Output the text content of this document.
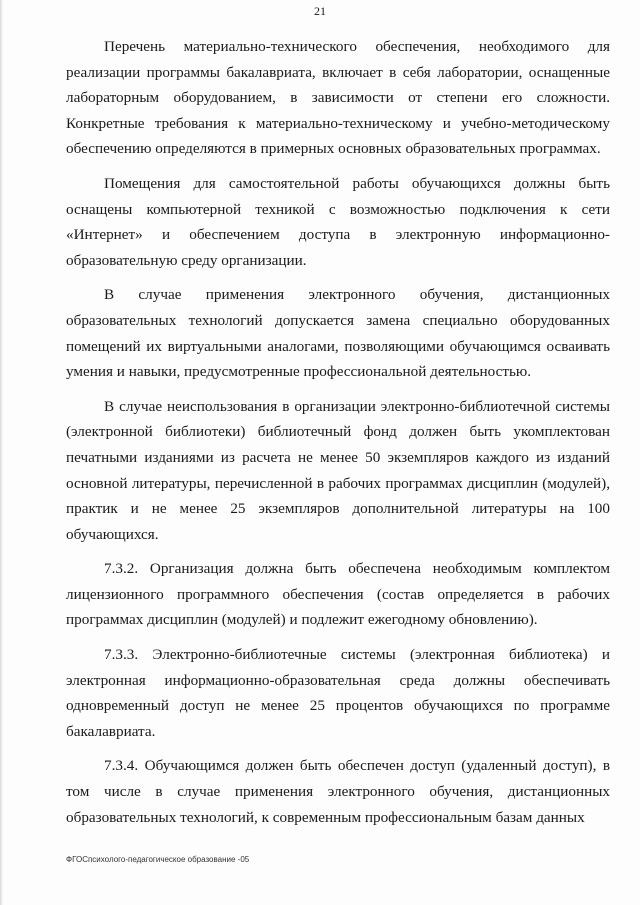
21

Перечень материально-технического обеспечения, необходимого для реализации программы бакалавриата, включает в себя лаборатории, оснащенные лабораторным оборудованием, в зависимости от степени его сложности. Конкретные требования к материально-техническому и учебно-методическому обеспечению определяются в примерных основных образовательных программах.

Помещения для самостоятельной работы обучающихся должны быть оснащены компьютерной техникой с возможностью подключения к сети «Интернет» и обеспечением доступа в электронную информационно-образовательную среду организации.

В случае применения электронного обучения, дистанционных образовательных технологий допускается замена специально оборудованных помещений их виртуальными аналогами, позволяющими обучающимся осваивать умения и навыки, предусмотренные профессиональной деятельностью.

В случае неиспользования в организации электронно-библиотечной системы (электронной библиотеки) библиотечный фонд должен быть укомплектован печатными изданиями из расчета не менее 50 экземпляров каждого из изданий основной литературы, перечисленной в рабочих программах дисциплин (модулей), практик и не менее 25 экземпляров дополнительной литературы на 100 обучающихся.

7.3.2. Организация должна быть обеспечена необходимым комплектом лицензионного программного обеспечения (состав определяется в рабочих программах дисциплин (модулей) и подлежит ежегодному обновлению).

7.3.3. Электронно-библиотечные системы (электронная библиотека) и электронная информационно-образовательная среда должны обеспечивать одновременный доступ не менее 25 процентов обучающихся по программе бакалавриата.

7.3.4. Обучающимся должен быть обеспечен доступ (удаленный доступ), в том числе в случае применения электронного обучения, дистанционных образовательных технологий, к современным профессиональным базам данных

ФГОСпсихолого-педагогическое образование -05
